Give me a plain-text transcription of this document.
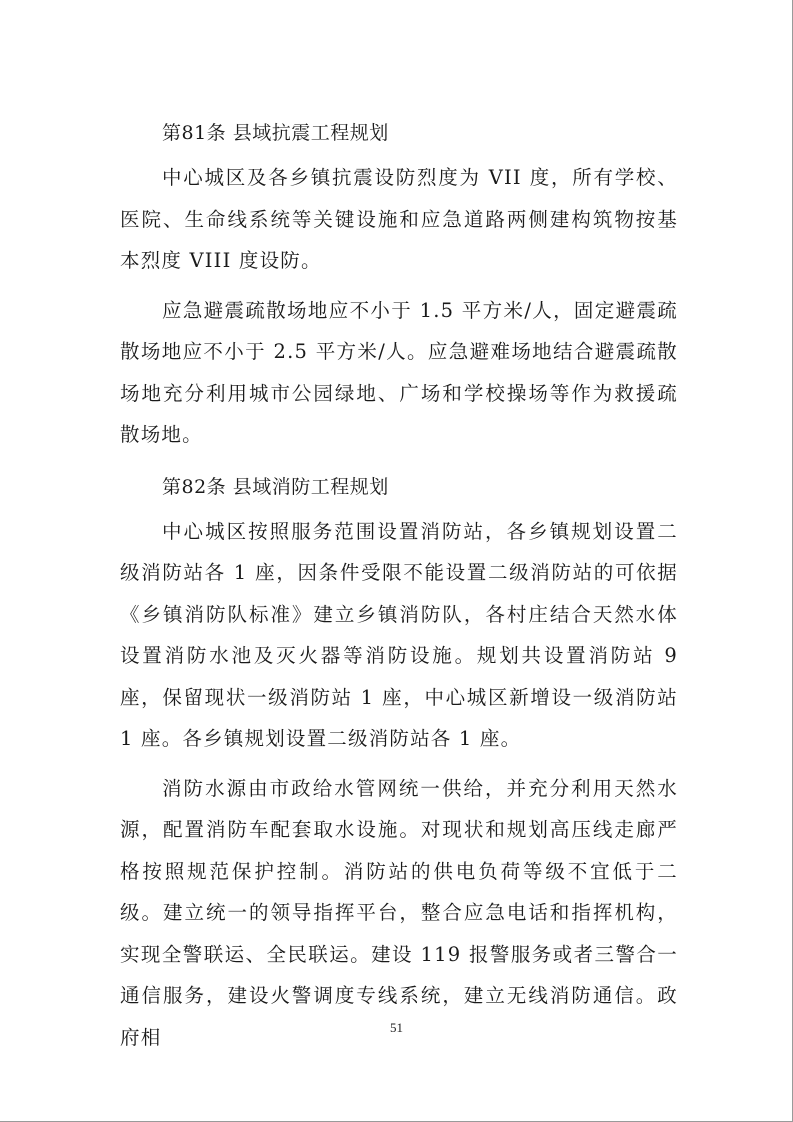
第81条 县域抗震工程规划

中心城区及各乡镇抗震设防烈度为 VII 度，所有学校、医院、生命线系统等关键设施和应急道路两侧建构筑物按基本烈度 VIII 度设防。

应急避震疏散场地应不小于 1.5 平方米/人，固定避震疏散场地应不小于 2.5 平方米/人。应急避难场地结合避震疏散场地充分利用城市公园绿地、广场和学校操场等作为救援疏散场地。

第82条 县域消防工程规划

中心城区按照服务范围设置消防站，各乡镇规划设置二级消防站各 1 座，因条件受限不能设置二级消防站的可依据《乡镇消防队标准》建立乡镇消防队，各村庄结合天然水体设置消防水池及灭火器等消防设施。规划共设置消防站 9 座，保留现状一级消防站 1 座，中心城区新增设一级消防站 1 座。各乡镇规划设置二级消防站各 1 座。

消防水源由市政给水管网统一供给，并充分利用天然水源，配置消防车配套取水设施。对现状和规划高压线走廊严格按照规范保护控制。消防站的供电负荷等级不宜低于二级。建立统一的领导指挥平台，整合应急电话和指挥机构，实现全警联运、全民联运。建设 119 报警服务或者三警合一通信服务，建设火警调度专线系统，建立无线消防通信。政府相	51
